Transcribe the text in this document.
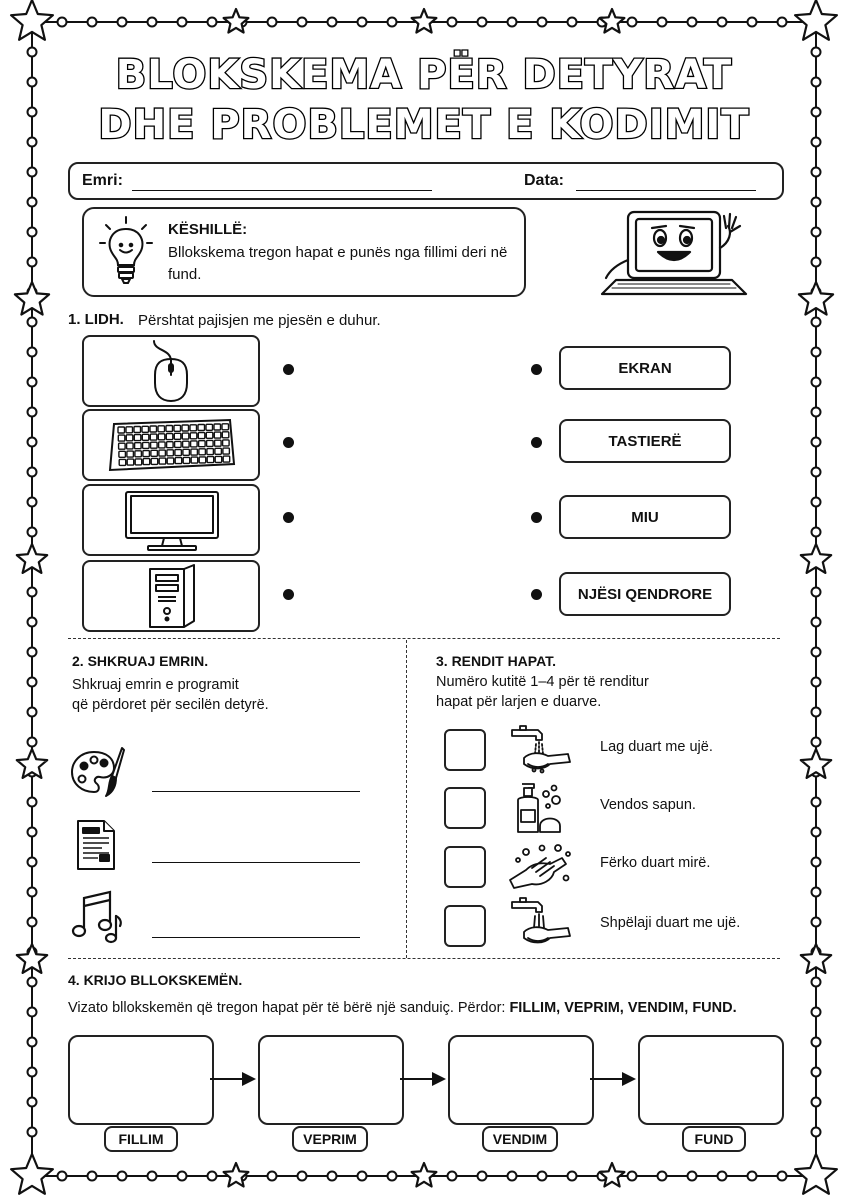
BLOKSKEMA PËR DETYRAT
DHE PROBLEMET E KODIMIT
Emri:	Data:
KËSHILLË:
Bllokskema tregon hapat e punës nga fillimi deri në fund.
1. LIDH. Përshtat pajisjen me pjesën e duhur.
EKRAN
TASTIERË
MIU
NJËSI QENDRORE
2. SHKRUAJ EMRIN.
Shkruaj emrin e programit
që përdoret për secilën detyrë.
3. RENDIT HAPAT.
Numëro kutitë 1–4 për të renditur
hapat për larjen e duarve.
Lag duart me ujë.
Vendos sapun.
Fërko duart mirë.
Shpëlaji duart me ujë.
4. KRIJO BLLOKSKEMËN.
Vizato bllokskemën që tregon hapat për të bërë një sanduiç. Përdor: FILLIM, VEPRIM, VENDIM, FUND.
FILLIM	VEPRIM	VENDIM	FUND
